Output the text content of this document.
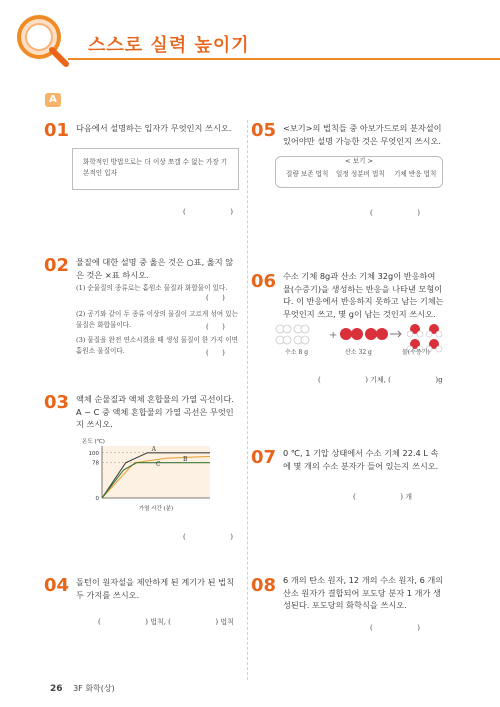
스스로 실력 높이기
A
01 다음에서 설명하는 입자가 무엇인지 쓰시오.
화학적인 방법으로는 더 이상 쪼갤 수 없는 가장 기본적인 입자
(                    )
02 물질에 대한 설명 중 옳은 것은 ○표, 옳지 않은 것은 ×표 하시오.
(1) 순물질의 종류로는 홑원소 물질과 화합물이 있다.
(      )
(2) 공기와 같이 두 종류 이상의 물질이 고르게 섞여 있는 물질은 화합물이다.	(      )
(3) 물질을 완전 연소시켰을 때 생성 물질이 한 가지 이면 홑원소 물질이다.	(      )
03 액체 순물질과 액체 혼합물의 가열 곡선이다. A ~ C 중 액체 혼합물의 가열 곡선은 무엇인지 쓰시오.
0
78
100
A
B
C
온도 (℃)
가열 시간 (분)
(                    )
04 돌턴이 원자설을 제안하게 된 계기가 된 법칙 두 가지를 쓰시오.
(                    ) 법칙, (                    ) 법칙
05 <보기>의 법칙들 중 아보가드로의 분자설이 있어야만 설명 가능한 것은 무엇인지 쓰시오.
< 보기 >
질량 보존 법칙 일정 성분비 법칙 기체 반응 법칙
(                    )
06 수소 기체 8g과 산소 기체 32g이 반응하여 물(수증기)을 생성하는 반응을 나타낸 모형이다. 이 반응에서 반응하지 못하고 남는 기체는 무엇인지 쓰고, 몇 g이 남는 것인지 쓰시오.
+
수소 8 g	산소 32 g	물(수증기)
(                    ) 기체, (                    )g
07 0 ℃, 1 기압 상태에서 수소 기체 22.4 L 속에 몇 개의 수소 분자가 들어 있는지 쓰시오.
(                    ) 개
08 6 개의 탄소 원자, 12 개의 수소 원자, 6 개의 산소 원자가 결합되어 포도당 분자 1 개가 생성된다. 포도당의 화학식을 쓰시오.
(                    )
26 3F 화학(상)
